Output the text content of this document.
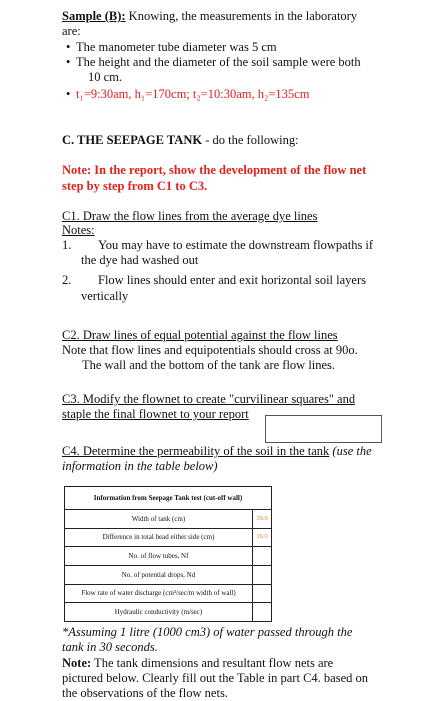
Sample (B): Knowing, the measurements in the laboratory
are:
• The manometer tube diameter was 5 cm
• The height and the diameter of the soil sample were both
10 cm.
• t₁=9:30am, h₁=170cm; t₂=10:30am, h₂=135cm
C. THE SEEPAGE TANK - do the following:
Note: In the report, show the development of the flow net
step by step from C1 to C3.
C1. Draw the flow lines from the average dye lines
Notes:
1. You may have to estimate the downstream flowpaths if
the dye had washed out
2. Flow lines should enter and exit horizontal soil layers
vertically
C2. Draw lines of equal potential against the flow lines
Note that flow lines and equipotentials should cross at 90o.
The wall and the bottom of the tank are flow lines.
C3. Modify the flownet to create "curvilinear squares" and
staple the final flownet to your report
C4. Determine the permeability of the soil in the tank (use the
information in the table below)
Information from Seepage Tank test (cut-off wall)	
Width of tank (cm)	39.0
Difference in total head either side (cm)	16.0
No. of flow tubes, Nf	
No. of potential drops, Nd	
Flow rate of water discharge (cm³/sec/m width of wall)	
Hydraulic conductivity (m/sec)	
*Assuming 1 litre (1000 cm3) of water passed through the
tank in 30 seconds.
Note: The tank dimensions and resultant flow nets are
pictured below. Clearly fill out the Table in part C4. based on
the observations of the flow nets.
